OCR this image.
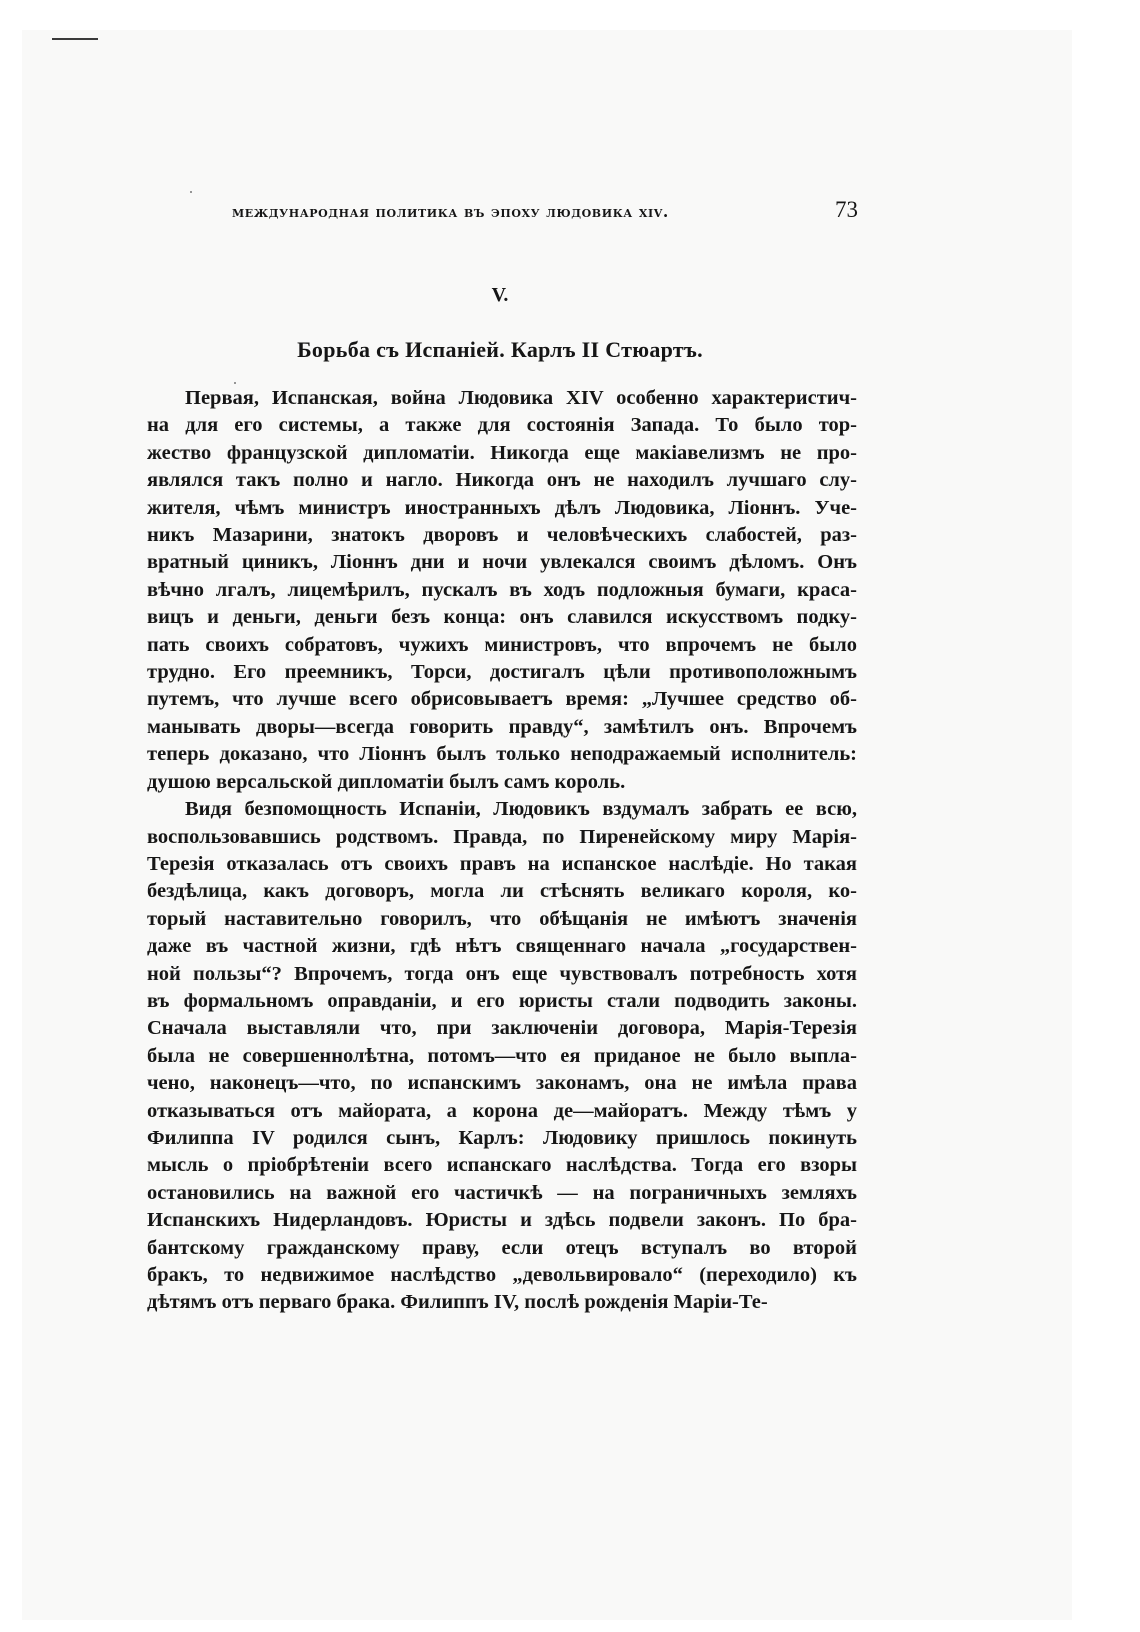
международная политика въ эпоху людовика xiv.	73
V.
Борьба съ Испаніей. Карлъ II Стюартъ.

Первая, Испанская, война Людовика XIV особенно характеристич-

на для его системы, а также для состоянія Запада. То было тор-

жество французской дипломатіи. Никогда еще макіавелизмъ не про-

являлся такъ полно и нагло. Никогда онъ не находилъ лучшаго слу-

жителя, чѣмъ министръ иностранныхъ дѣлъ Людовика, Ліоннъ. Уче-

никъ Мазарини, знатокъ дворовъ и человѣческихъ слабостей, раз-

вратный циникъ, Ліоннъ дни и ночи увлекался своимъ дѣломъ. Онъ

вѣчно лгалъ, лицемѣрилъ, пускалъ въ ходъ подложныя бумаги, краса-

вицъ и деньги, деньги безъ конца: онъ славился искусствомъ подку-

пать своихъ собратовъ, чужихъ министровъ, что впрочемъ не было

трудно. Его преемникъ, Торси, достигалъ цѣли противоположнымъ

путемъ, что лучше всего обрисовываетъ время: „Лучшее средство об-

манывать дворы—всегда говорить правду“, замѣтилъ онъ. Впрочемъ

теперь доказано, что Ліоннъ былъ только неподражаемый исполнитель:

душою версальской дипломатіи былъ самъ король.

Видя безпомощность Испаніи, Людовикъ вздумалъ забрать ее всю,

воспользовавшись родствомъ. Правда, по Пиренейскому миру Марія-

Терезія отказалась отъ своихъ правъ на испанское наслѣдіе. Но такая

бездѣлица, какъ договоръ, могла ли стѣснять великаго короля, ко-

торый наставительно говорилъ, что обѣщанія не имѣютъ значенія

даже въ частной жизни, гдѣ нѣтъ священнаго начала „государствен-

ной пользы“? Впрочемъ, тогда онъ еще чувствовалъ потребность хотя

въ формальномъ оправданіи, и его юристы стали подводить законы.

Сначала выставляли что, при заключеніи договора, Марія-Терезія

была не совершеннолѣтна, потомъ—что ея приданое не было выпла-

чено, наконецъ—что, по испанскимъ законамъ, она не имѣла права

отказываться отъ майората, а корона де—майоратъ. Между тѣмъ у

Филиппа IV родился сынъ, Карлъ: Людовику пришлось покинуть

мысль о пріобрѣтеніи всего испанскаго наслѣдства. Тогда его взоры

остановились на важной его частичкѣ — на пограничныхъ земляхъ

Испанскихъ Нидерландовъ. Юристы и здѣсь подвели законъ. По бра-

бантскому гражданскому праву, если отецъ вступалъ во второй

бракъ, то недвижимое наслѣдство „девольвировало“ (переходило) къ

дѣтямъ отъ перваго брака. Филиппъ IV, послѣ рожденія Маріи-Те-
